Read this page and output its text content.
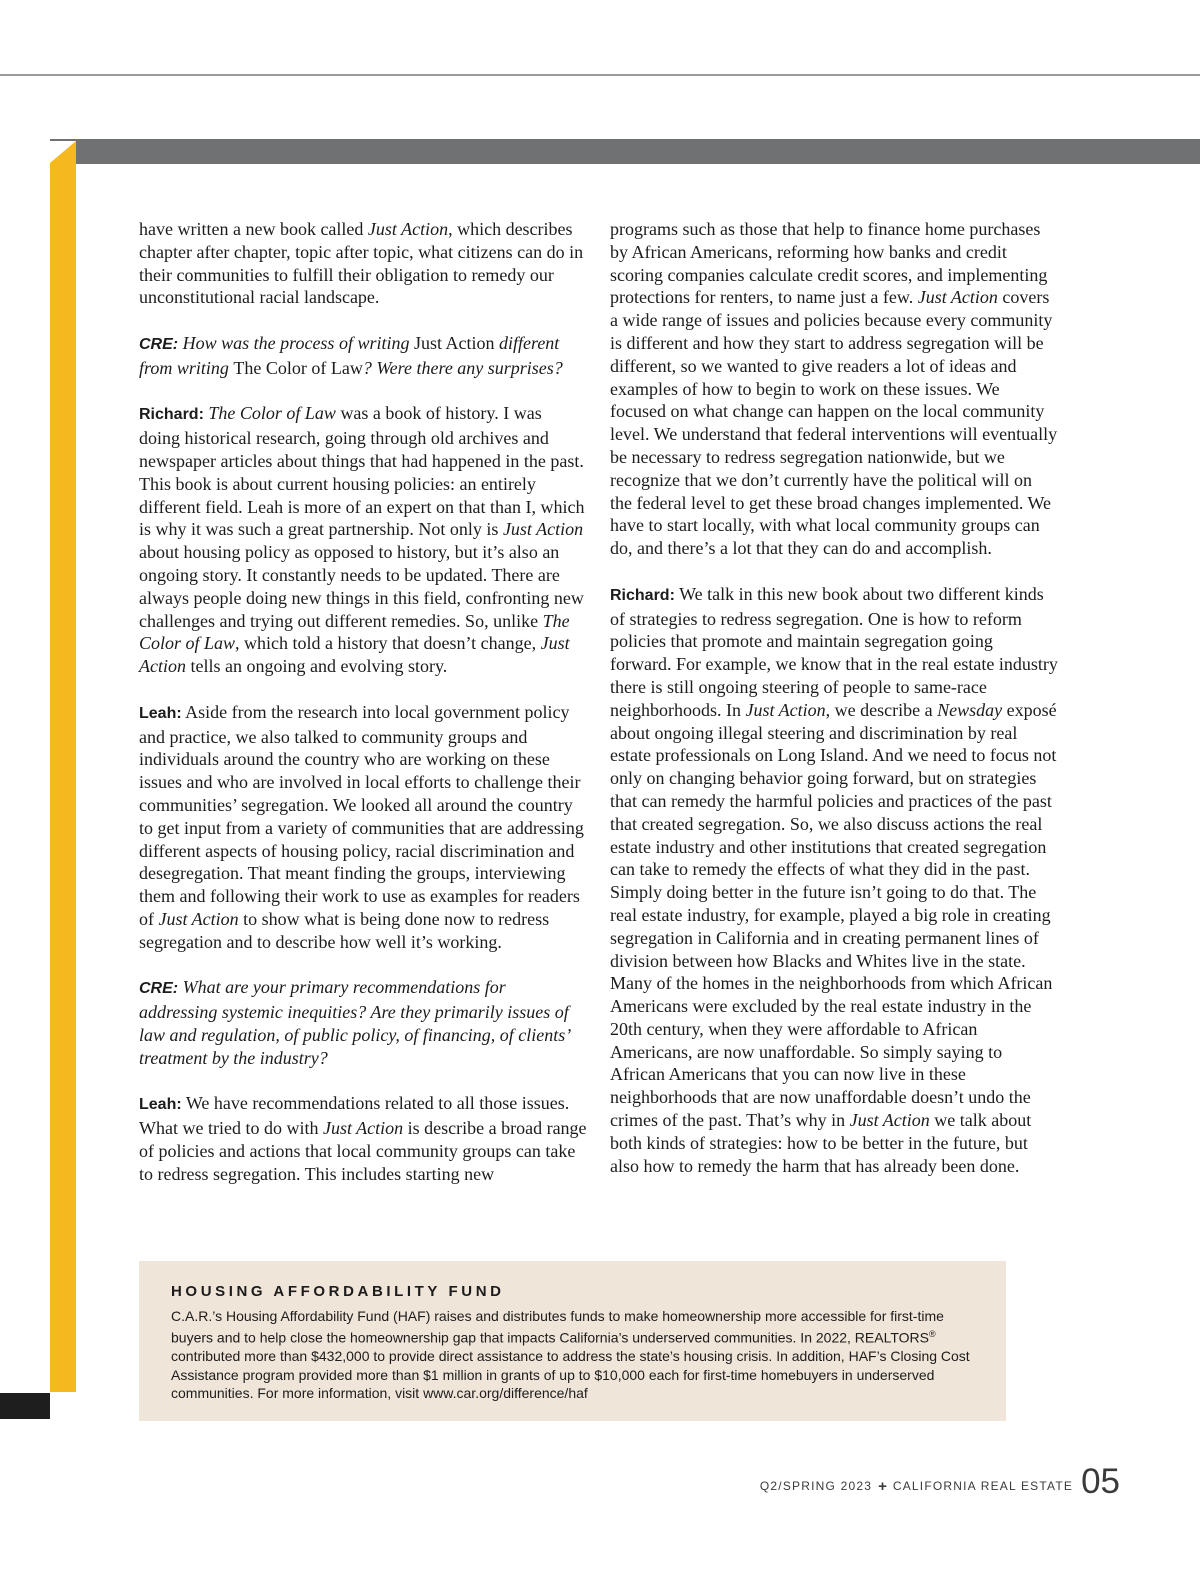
have written a new book called Just Action, which describes chapter after chapter, topic after topic, what citizens can do in their communities to fulfill their obligation to remedy our unconstitutional racial landscape.

CRE: How was the process of writing Just Action different from writing The Color of Law? Were there any surprises?

Richard: The Color of Law was a book of history. I was doing historical research, going through old archives and newspaper articles about things that had happened in the past. This book is about current housing policies: an entirely different field. Leah is more of an expert on that than I, which is why it was such a great partnership. Not only is Just Action about housing policy as opposed to history, but it’s also an ongoing story. It constantly needs to be updated. There are always people doing new things in this field, confronting new challenges and trying out different remedies. So, unlike The Color of Law, which told a history that doesn’t change, Just Action tells an ongoing and evolving story.

Leah: Aside from the research into local government policy and practice, we also talked to community groups and individuals around the country who are working on these issues and who are involved in local efforts to challenge their communities’ segregation. We looked all around the country to get input from a variety of communities that are addressing different aspects of housing policy, racial discrimination and desegregation. That meant finding the groups, interviewing them and following their work to use as examples for readers of Just Action to show what is being done now to redress segregation and to describe how well it’s working.

CRE: What are your primary recommendations for addressing systemic inequities? Are they primarily issues of law and regulation, of public policy, of financing, of clients’ treatment by the industry?

Leah: We have recommendations related to all those issues. What we tried to do with Just Action is describe a broad range of policies and actions that local community groups can take to redress segregation. This includes starting new

programs such as those that help to finance home purchases by African Americans, reforming how banks and credit scoring companies calculate credit scores, and implementing protections for renters, to name just a few. Just Action covers a wide range of issues and policies because every community is different and how they start to address segregation will be different, so we wanted to give readers a lot of ideas and examples of how to begin to work on these issues. We focused on what change can happen on the local community level. We understand that federal interventions will eventually be necessary to redress segregation nationwide, but we recognize that we don’t currently have the political will on the federal level to get these broad changes implemented. We have to start locally, with what local community groups can do, and there’s a lot that they can do and accomplish.

Richard: We talk in this new book about two different kinds of strategies to redress segregation. One is how to reform policies that promote and maintain segregation going forward. For example, we know that in the real estate industry there is still ongoing steering of people to same-race neighborhoods. In Just Action, we describe a Newsday exposé about ongoing illegal steering and discrimination by real estate professionals on Long Island. And we need to focus not only on changing behavior going forward, but on strategies that can remedy the harmful policies and practices of the past that created segregation. So, we also discuss actions the real estate industry and other institutions that created segregation can take to remedy the effects of what they did in the past. Simply doing better in the future isn’t going to do that. The real estate industry, for example, played a big role in creating segregation in California and in creating permanent lines of division between how Blacks and Whites live in the state. Many of the homes in the neighborhoods from which African Americans were excluded by the real estate industry in the 20th century, when they were affordable to African Americans, are now unaffordable. So simply saying to African Americans that you can now live in these neighborhoods that are now unaffordable doesn’t undo the crimes of the past. That’s why in Just Action we talk about both kinds of strategies: how to be better in the future, but also how to remedy the harm that has already been done.

HOUSING AFFORDABILITY FUND

C.A.R.’s Housing Affordability Fund (HAF) raises and distributes funds to make homeownership more accessible for first-time buyers and to help close the homeownership gap that impacts California’s underserved communities. In 2022, REALTORS® contributed more than $432,000 to provide direct assistance to address the state’s housing crisis. In addition, HAF’s Closing Cost Assistance program provided more than $1 million in grants of up to $10,000 each for first-time homebuyers in underserved communities. For more information, visit www.car.org/difference/haf

Q2/SPRING 2023 + CALIFORNIA REAL ESTATE 05
